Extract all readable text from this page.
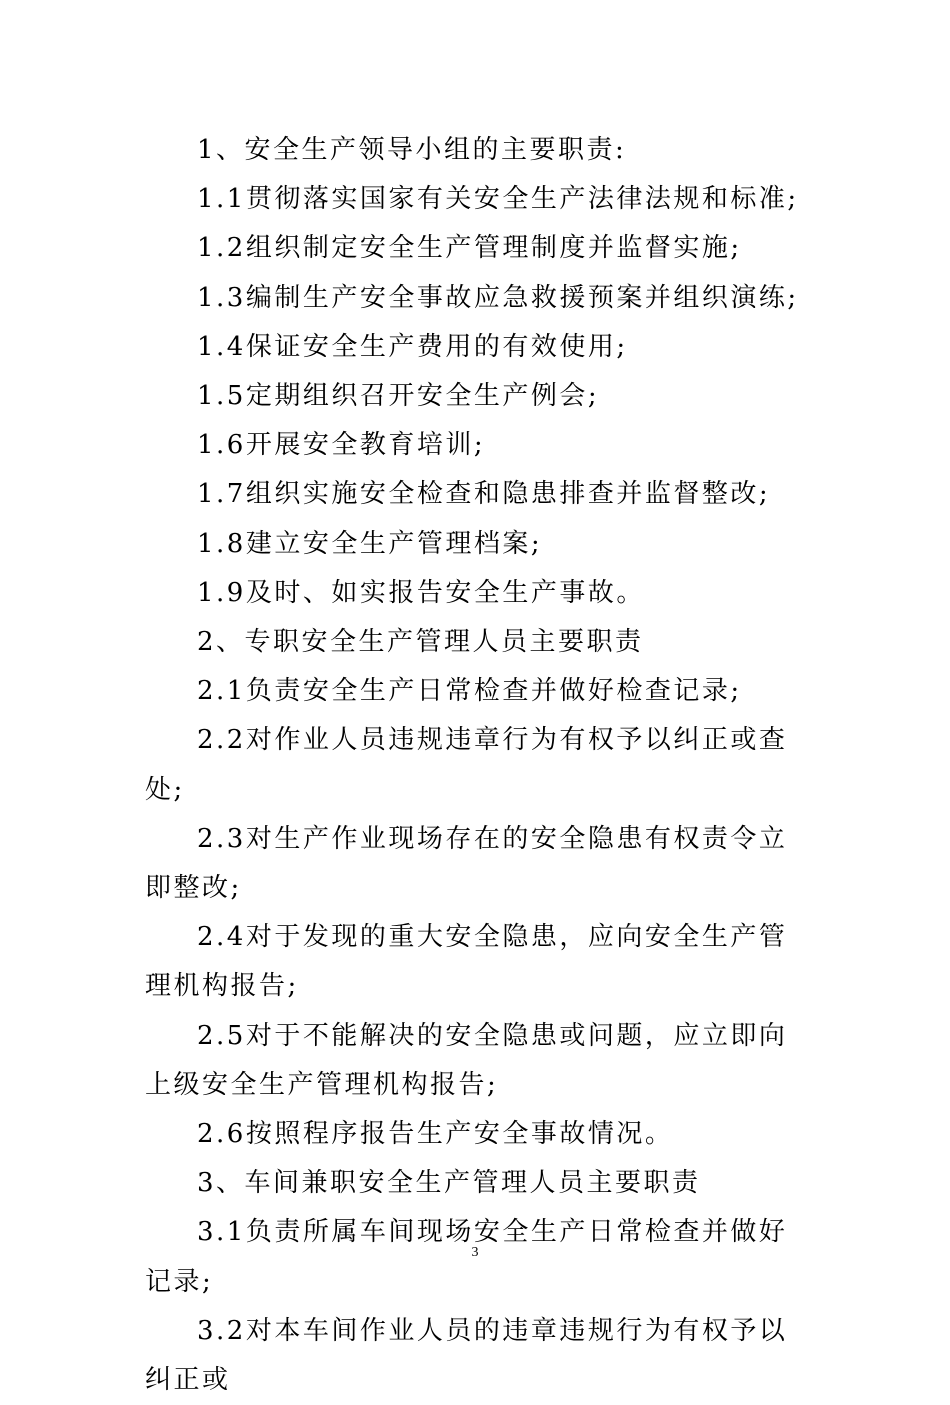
1、安全生产领导小组的主要职责:

1.1贯彻落实国家有关安全生产法律法规和标准;

1.2组织制定安全生产管理制度并监督实施;

1.3编制生产安全事故应急救援预案并组织演练;

1.4保证安全生产费用的有效使用;

1.5定期组织召开安全生产例会;

1.6开展安全教育培训;

1.7组织实施安全检查和隐患排查并监督整改;

1.8建立安全生产管理档案;

1.9及时、如实报告安全生产事故。

2、专职安全生产管理人员主要职责

2.1负责安全生产日常检查并做好检查记录;

2.2对作业人员违规违章行为有权予以纠正或查处;

2.3对生产作业现场存在的安全隐患有权责令立即整改;

2.4对于发现的重大安全隐患，应向安全生产管理机构报告;

2.5对于不能解决的安全隐患或问题，应立即向上级安全生产管理机构报告;

2.6按照程序报告生产安全事故情况。

3、车间兼职安全生产管理人员主要职责

3.1负责所属车间现场安全生产日常检查并做好记录;

3.2对本车间作业人员的违章违规行为有权予以纠正或

3
